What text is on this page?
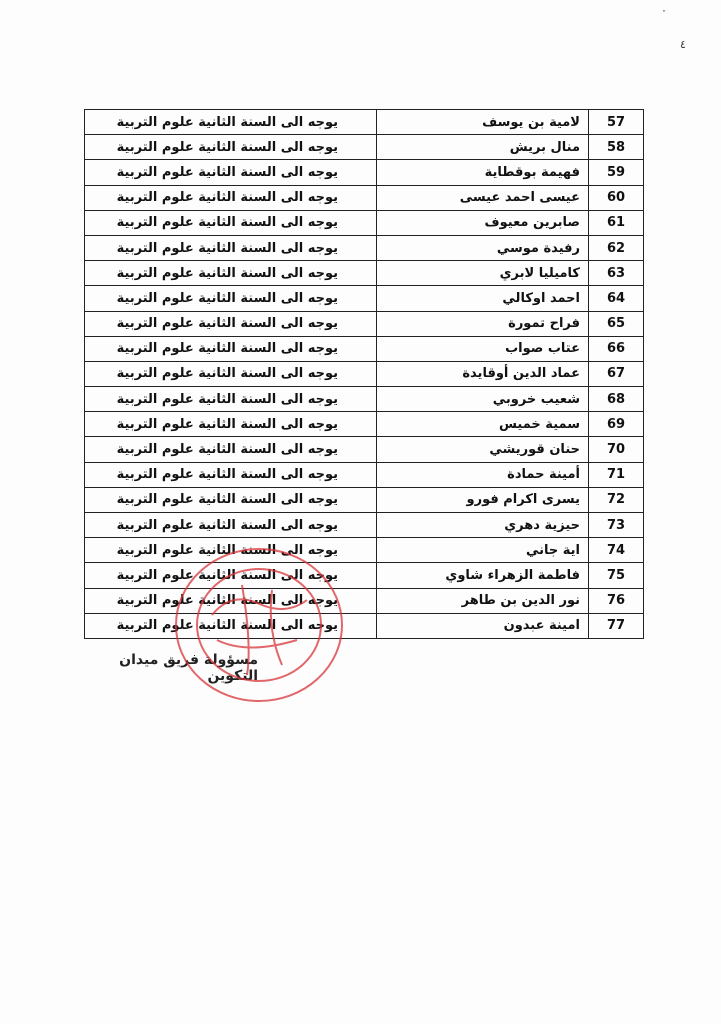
٠
٤
57	لامية بن يوسف	يوجه الى السنة الثانية علوم التربية
58	منال بريش	يوجه الى السنة الثانية علوم التربية
59	فهيمة بوقطاية	يوجه الى السنة الثانية علوم التربية
60	عيسى احمد عيسى	يوجه الى السنة الثانية علوم التربية
61	صابرين معيوف	يوجه الى السنة الثانية علوم التربية
62	رفيدة موسي	يوجه الى السنة الثانية علوم التربية
63	كاميليا لابري	يوجه الى السنة الثانية علوم التربية
64	احمد اوكالي	يوجه الى السنة الثانية علوم التربية
65	فراح تمورة	يوجه الى السنة الثانية علوم التربية
66	عتاب صواب	يوجه الى السنة الثانية علوم التربية
67	عماد الدين أوقايدة	يوجه الى السنة الثانية علوم التربية
68	شعيب خروبي	يوجه الى السنة الثانية علوم التربية
69	سمية خميس	يوجه الى السنة الثانية علوم التربية
70	حنان قوريشي	يوجه الى السنة الثانية علوم التربية
71	أمينة حمادة	يوجه الى السنة الثانية علوم التربية
72	يسرى اكرام فورو	يوجه الى السنة الثانية علوم التربية
73	حيزية دهري	يوجه الى السنة الثانية علوم التربية
74	اية جاني	يوجه الى السنة الثانية علوم التربية
75	فاطمة الزهراء شاوي	يوجه الى السنة الثانية علوم التربية
76	نور الدين بن طاهر	يوجه الى السنة الثانية علوم التربية
77	امينة عبدون	يوجه الى السنة الثانية علوم التربية
مسؤولة فريق ميدان التكوين
